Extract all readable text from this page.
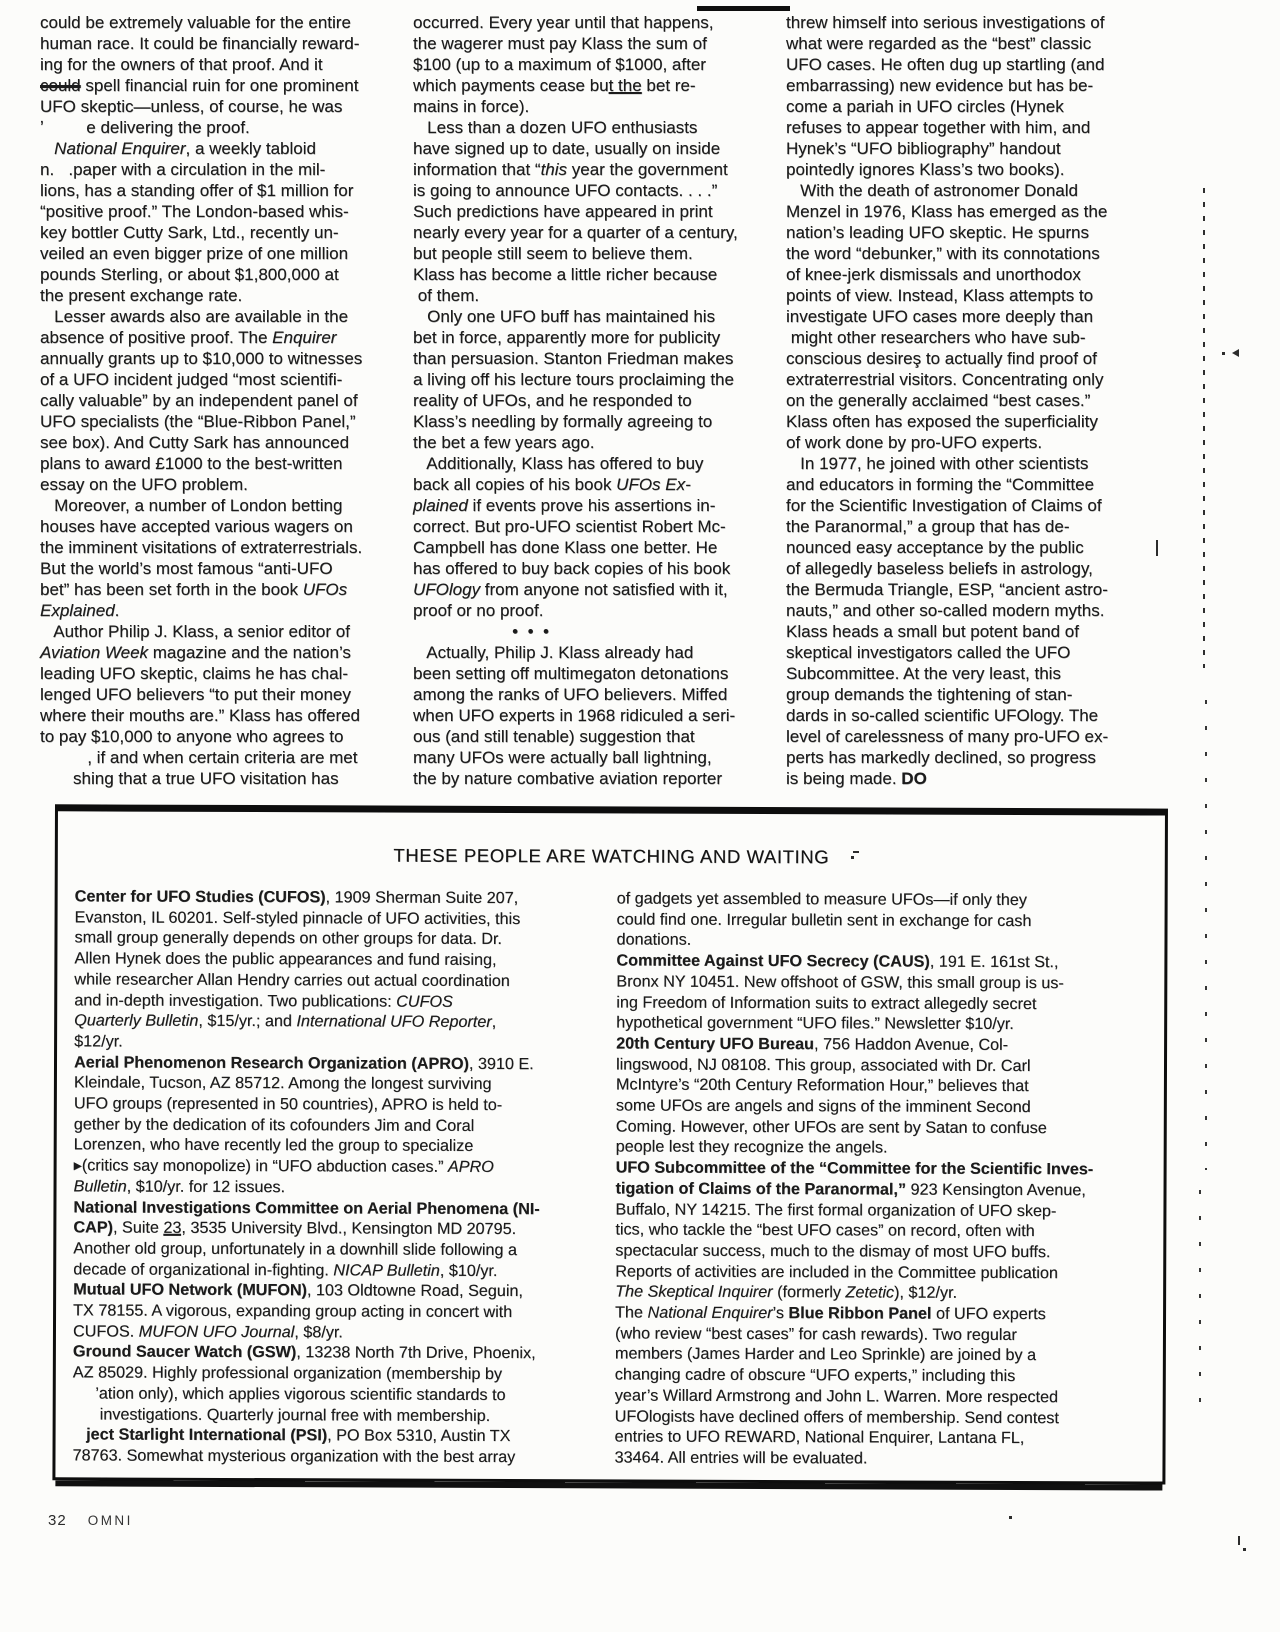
could be extremely valuable for the entire
human race. It could be financially reward-
ing for the owners of that proof. And it
could spell financial ruin for one prominent
UFO skeptic—unless, of course, he was
ʼ         e delivering the proof.
National Enquirer, a weekly tabloid
n.   .paper with a circulation in the mil-
lions, has a standing offer of $1 million for
“positive proof.” The London-based whis-
key bottler Cutty Sark, Ltd., recently un-
veiled an even bigger prize of one million
pounds Sterling, or about $1,800,000 at
the present exchange rate.
Lesser awards also are available in the
absence of positive proof. The Enquirer
annually grants up to $10,000 to witnesses
of a UFO incident judged “most scientifi-
cally valuable” by an independent panel of
UFO specialists (the “Blue-Ribbon Panel,”
see box). And Cutty Sark has announced
plans to award £1000 to the best-written
essay on the UFO problem.
Moreover, a number of London betting
houses have accepted various wagers on
the imminent visitations of extraterrestrials.
But the world’s most famous “anti-UFO
bet” has been set forth in the book UFOs
Explained.
Author Philip J. Klass, a senior editor of
Aviation Week magazine and the nation’s
leading UFO skeptic, claims he has chal-
lenged UFO believers “to put their money
where their mouths are.” Klass has offered
to pay $10,000 to anyone who agrees to
, if and when certain criteria are met
shing that a true UFO visitation has
occurred. Every year until that happens,
the wagerer must pay Klass the sum of
$100 (up to a maximum of $1000, after
which payments cease but the bet re-
mains in force).
Less than a dozen UFO enthusiasts
have signed up to date, usually on inside
information that “this year the government
is going to announce UFO contacts. . . .”
Such predictions have appeared in print
nearly every year for a quarter of a century,
but people still seem to believe them.
Klass has become a little richer because
of them.
Only one UFO buff has maintained his
bet in force, apparently more for publicity
than persuasion. Stanton Friedman makes
a living off his lecture tours proclaiming the
reality of UFOs, and he responded to
Klass’s needling by formally agreeing to
the bet a few years ago.
Additionally, Klass has offered to buy
back all copies of his book UFOs Ex-
plained if events prove his assertions in-
correct. But pro-UFO scientist Robert Mc-
Campbell has done Klass one better. He
has offered to buy back copies of his book
UFOlogy from anyone not satisfied with it,
proof or no proof.
•  •  •
Actually, Philip J. Klass already had
been setting off multimegaton detonations
among the ranks of UFO believers. Miffed
when UFO experts in 1968 ridiculed a seri-
ous (and still tenable) suggestion that
many UFOs were actually ball lightning,
the by nature combative aviation reporter
threw himself into serious investigations of
what were regarded as the “best” classic
UFO cases. He often dug up startling (and
embarrassing) new evidence but has be-
come a pariah in UFO circles (Hynek
refuses to appear together with him, and
Hynek’s “UFO bibliography” handout
pointedly ignores Klass’s two books).
With the death of astronomer Donald
Menzel in 1976, Klass has emerged as the
nation’s leading UFO skeptic. He spurns
the word “debunker,” with its connotations
of knee-jerk dismissals and unorthodox
points of view. Instead, Klass attempts to
investigate UFO cases more deeply than
might other researchers who have sub-
conscious desireş to actually find proof of
extraterrestrial visitors. Concentrating only
on the generally acclaimed “best cases.”
Klass often has exposed the superficiality
of work done by pro-UFO experts.
In 1977, he joined with other scientists
and educators in forming the “Committee
for the Scientific Investigation of Claims of
the Paranormal,” a group that has de-
nounced easy acceptance by the public
of allegedly baseless beliefs in astrology,
the Bermuda Triangle, ESP, “ancient astro-
nauts,” and other so-called modern myths.
Klass heads a small but potent band of
skeptical investigators called the UFO
Subcommittee. At the very least, this
group demands the tightening of stan-
dards in so-called scientific UFOlogy. The
level of carelessness of many pro-UFO ex-
perts has markedly declined, so progress
is being made. DO
THESE PEOPLE ARE WATCHING AND WAITING
Center for UFO Studies (CUFOS), 1909 Sherman Suite 207,
Evanston, IL 60201. Self-styled pinnacle of UFO activities, this
small group generally depends on other groups for data. Dr.
Allen Hynek does the public appearances and fund raising,
while researcher Allan Hendry carries out actual coordination
and in-depth investigation. Two publications: CUFOS
Quarterly Bulletin, $15/yr.; and International UFO Reporter,
$12/yr.
Aerial Phenomenon Research Organization (APRO), 3910 E.
Kleindale, Tucson, AZ 85712. Among the longest surviving
UFO groups (represented in 50 countries), APRO is held to-
gether by the dedication of its cofounders Jim and Coral
Lorenzen, who have recently led the group to specialize
▸(critics say monopolize) in “UFO abduction cases.” APRO
Bulletin, $10/yr. for 12 issues.
National Investigations Committee on Aerial Phenomena (NI-
CAP), Suite 23, 3535 University Blvd., Kensington MD 20795.
Another old group, unfortunately in a downhill slide following a
decade of organizational in-fighting. NICAP Bulletin, $10/yr.
Mutual UFO Network (MUFON), 103 Oldtowne Road, Seguin,
TX 78155. A vigorous, expanding group acting in concert with
CUFOS. MUFON UFO Journal, $8/yr.
Ground Saucer Watch (GSW), 13238 North 7th Drive, Phoenix,
AZ 85029. Highly professional organization (membership by
’ation only), which applies vigorous scientific standards to
investigations. Quarterly journal free with membership.
ject Starlight International (PSI), PO Box 5310, Austin TX
78763. Somewhat mysterious organization with the best array
of gadgets yet assembled to measure UFOs—if only they
could find one. Irregular bulletin sent in exchange for cash
donations.
Committee Against UFO Secrecy (CAUS), 191 E. 161st St.,
Bronx NY 10451. New offshoot of GSW, this small group is us-
ing Freedom of Information suits to extract allegedly secret
hypothetical government “UFO files.” Newsletter $10/yr.
20th Century UFO Bureau, 756 Haddon Avenue, Col-
lingswood, NJ 08108. This group, associated with Dr. Carl
McIntyre’s “20th Century Reformation Hour,” believes that
some UFOs are angels and signs of the imminent Second
Coming. However, other UFOs are sent by Satan to confuse
people lest they recognize the angels.
UFO Subcommittee of the “Committee for the Scientific Inves-
tigation of Claims of the Paranormal,” 923 Kensington Avenue,
Buffalo, NY 14215. The first formal organization of UFO skep-
tics, who tackle the “best UFO cases” on record, often with
spectacular success, much to the dismay of most UFO buffs.
Reports of activities are included in the Committee publication
The Skeptical Inquirer (formerly Zetetic), $12/yr.
The National Enquirer’s Blue Ribbon Panel of UFO experts
(who review “best cases” for cash rewards). Two regular
members (James Harder and Leo Sprinkle) are joined by a
changing cadre of obscure “UFO experts,” including this
year’s Willard Armstrong and John L. Warren. More respected
UFOlogists have declined offers of membership. Send contest
entries to UFO REWARD, National Enquirer, Lantana FL,
33464. All entries will be evaluated.
32 OMNI
